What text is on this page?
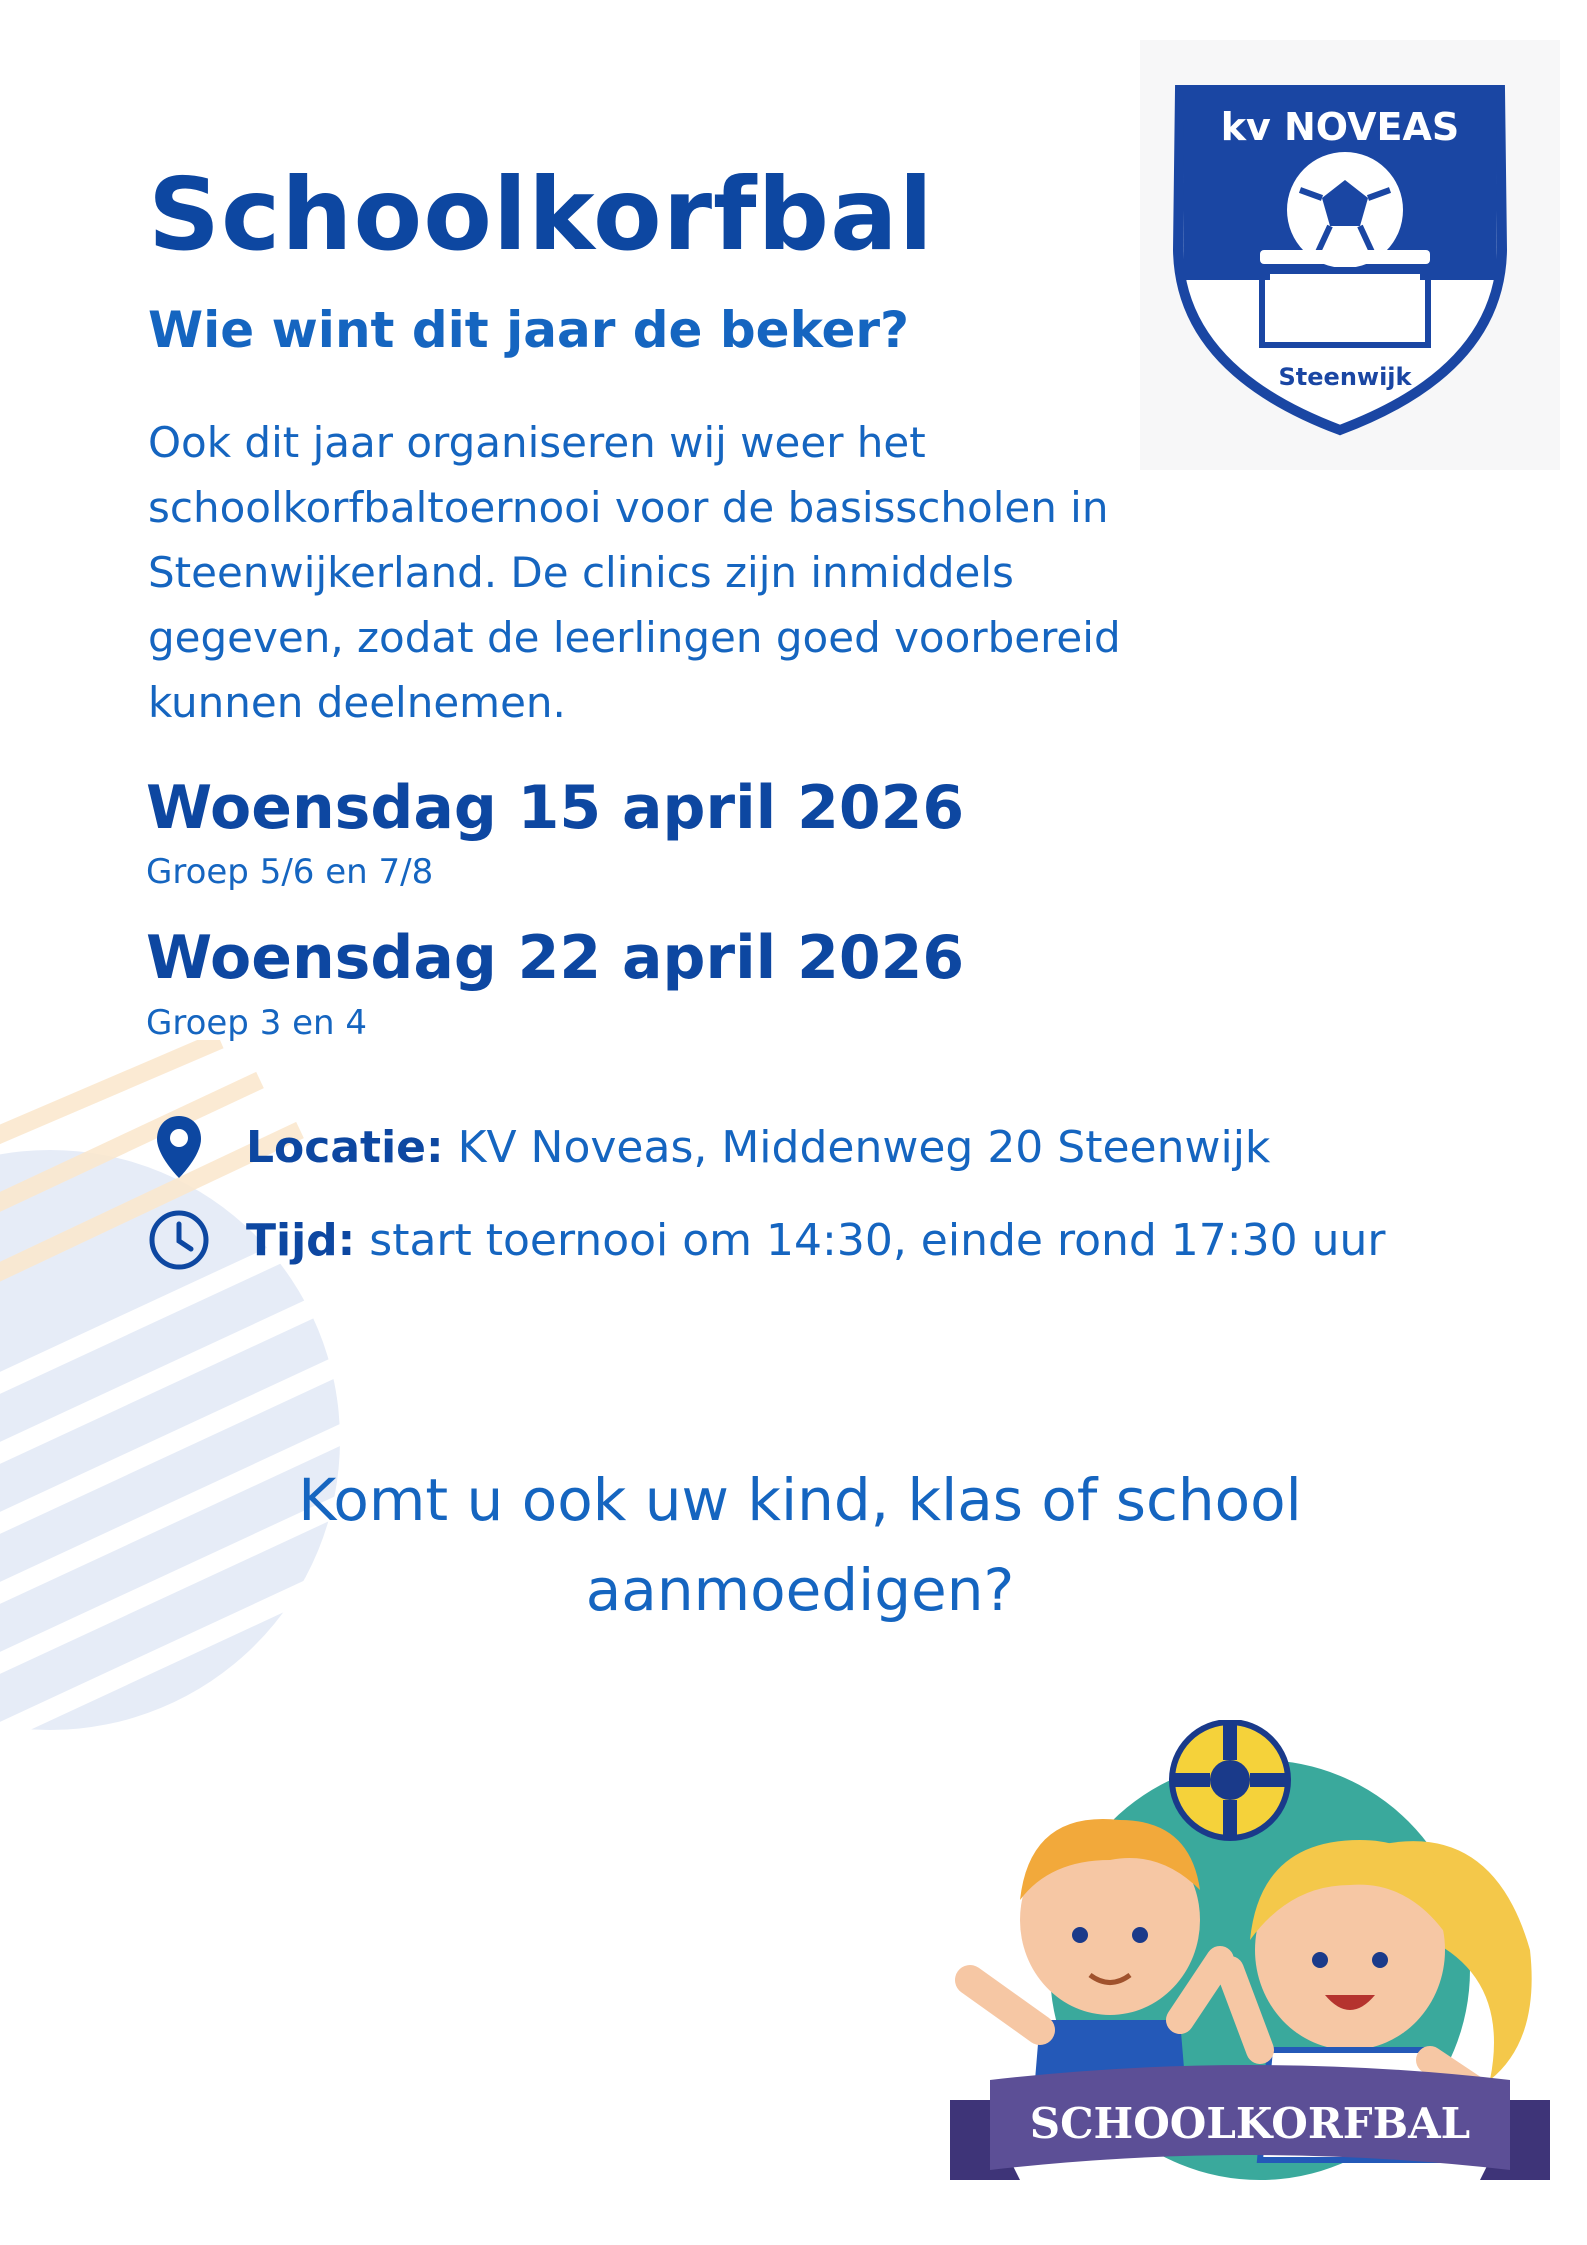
kv NOVEAS
Steenwijk
Schoolkorfbal
Wie wint dit jaar de beker?

Ook dit jaar organiseren wij weer het
schoolkorfbaltoernooi voor de basisscholen in
Steenwijkerland. De clinics zijn inmiddels
gegeven, zodat de leerlingen goed voorbereid
kunnen deelnemen.

Woensdag 15 april 2026
Groep 5/6 en 7/8
Woensdag 22 april 2026
Groep 3 en 4
Locatie: KV Noveas, Middenweg 20 Steenwijk
Tijd: start toernooi om 14:30, einde rond 17:30 uur

Komt u ook uw kind, klas of school
aanmoedigen?

SCHOOLKORFBAL
